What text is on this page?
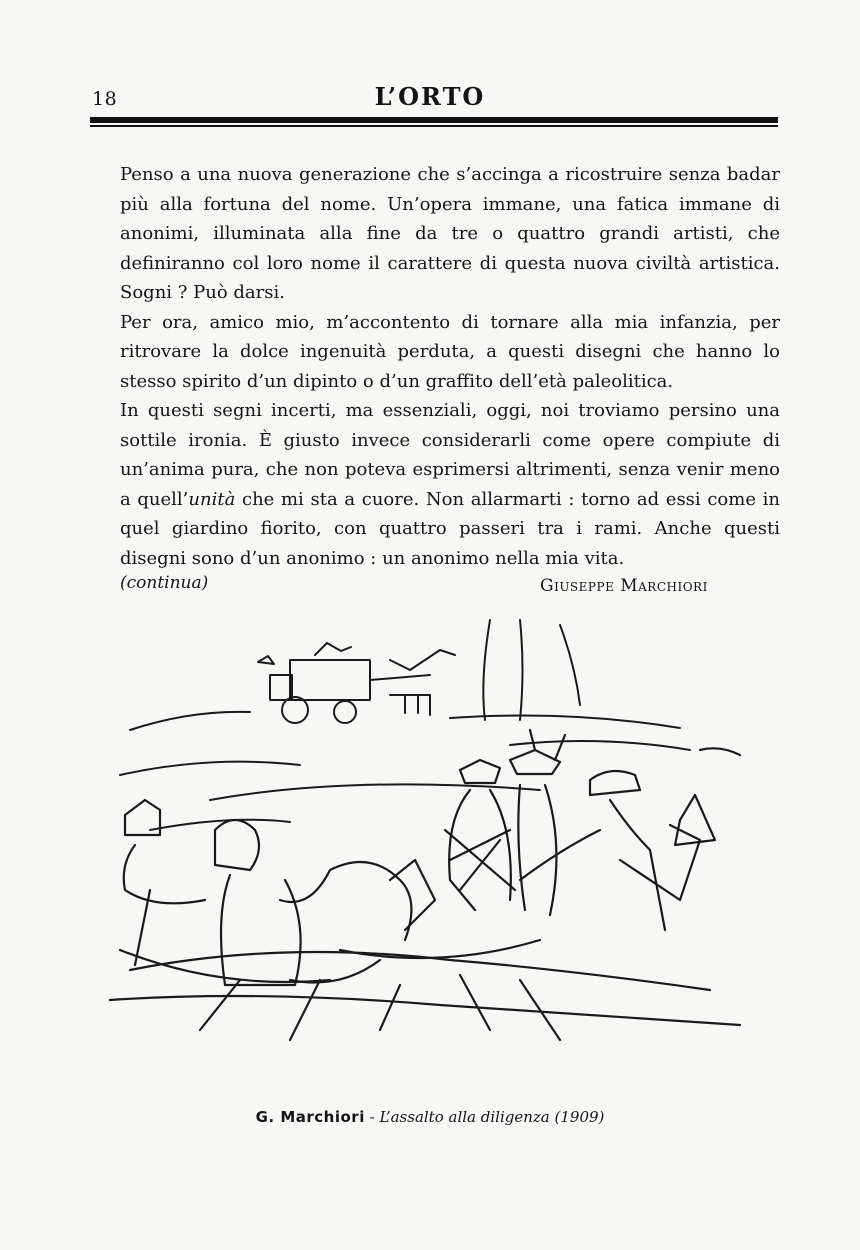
18	L’ORTO

Penso a una nuova generazione che s’accinga a ricostruire senza badar più alla fortuna del nome. Un’opera immane, una fatica immane di anonimi, illuminata alla fine da tre o quattro grandi artisti, che definiranno col loro nome il carattere di questa nuova civiltà artistica. Sogni ? Può darsi.

Per ora, amico mio, m’accontento di tornare alla mia infanzia, per ritrovare la dolce ingenuità perduta, a questi disegni che hanno lo stesso spirito d’un dipinto o d’un graffito dell’età paleolitica.

In questi segni incerti, ma essenziali, oggi, noi troviamo persino una sottile ironia. È giusto invece considerarli come opere compiute di un’anima pura, che non poteva esprimersi altrimenti, senza venir meno a quell’unità che mi sta a cuore. Non allarmarti : torno ad essi come in quel giardino fiorito, con quattro passeri tra i rami. Anche questi disegni sono d’un anonimo : un anonimo nella mia vita.

(continua)	Giuseppe Marchiori
G. Marchiori - L’assalto alla diligenza (1909)
